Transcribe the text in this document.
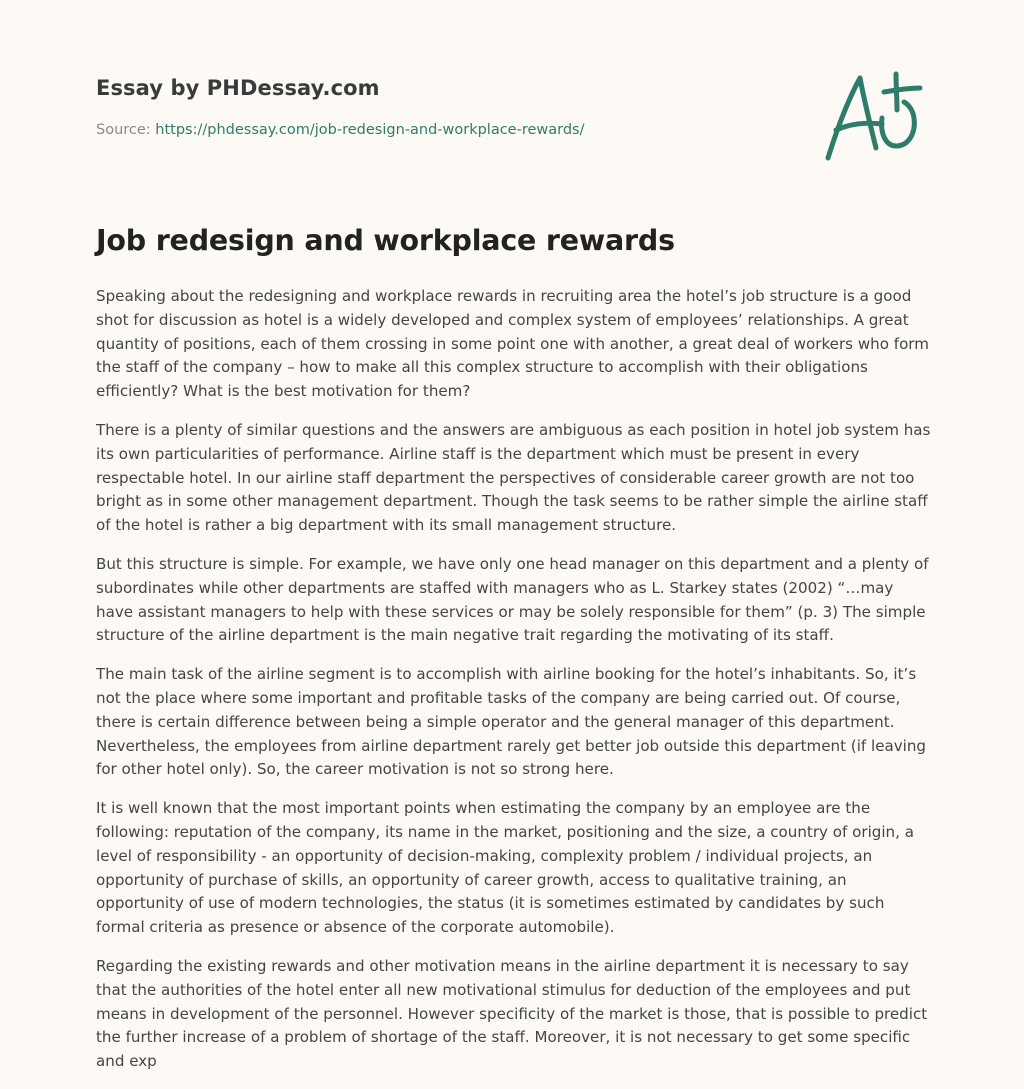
Essay by PHDessay.com
Source: https://phdessay.com/job-redesign-and-workplace-rewards/
Job redesign and workplace rewards

Speaking about the redesigning and workplace rewards in recruiting area the hotel’s job structure is a good shot for discussion as hotel is a widely developed and complex system of employees’ relationships. A great quantity of positions, each of them crossing in some point one with another, a great deal of workers who form the staff of the company – how to make all this complex structure to accomplish with their obligations efficiently? What is the best motivation for them?

There is a plenty of similar questions and the answers are ambiguous as each position in hotel job system has its own particularities of performance. Airline staff is the department which must be present in every respectable hotel. In our airline staff department the perspectives of considerable career growth are not too bright as in some other management department. Though the task seems to be rather simple the airline staff of the hotel is rather a big department with its small management structure.

But this structure is simple. For example, we have only one head manager on this department and a plenty of subordinates while other departments are staffed with managers who as L. Starkey states (2002) “…may have assistant managers to help with these services or may be solely responsible for them” (p. 3) The simple structure of the airline department is the main negative trait regarding the motivating of its staff.

The main task of the airline segment is to accomplish with airline booking for the hotel’s inhabitants. So, it’s not the place where some important and profitable tasks of the company are being carried out. Of course, there is certain difference between being a simple operator and the general manager of this department. Nevertheless, the employees from airline department rarely get better job outside this department (if leaving for other hotel only). So, the career motivation is not so strong here.

It is well known that the most important points when estimating the company by an employee are the following: reputation of the company, its name in the market, positioning and the size, a country of origin, a level of responsibility - an opportunity of decision-making, complexity problem / individual projects, an opportunity of purchase of skills, an opportunity of career growth, access to qualitative training, an opportunity of use of modern technologies, the status (it is sometimes estimated by candidates by such formal criteria as presence or absence of the corporate automobile).

Regarding the existing rewards and other motivation means in the airline department it is necessary to say that the authorities of the hotel enter all new motivational stimulus for deduction of the employees and put means in development of the personnel. However specificity of the market is those, that is possible to predict the further increase of a problem of shortage of the staff. Moreover, it is not necessary to get some specific and exp
